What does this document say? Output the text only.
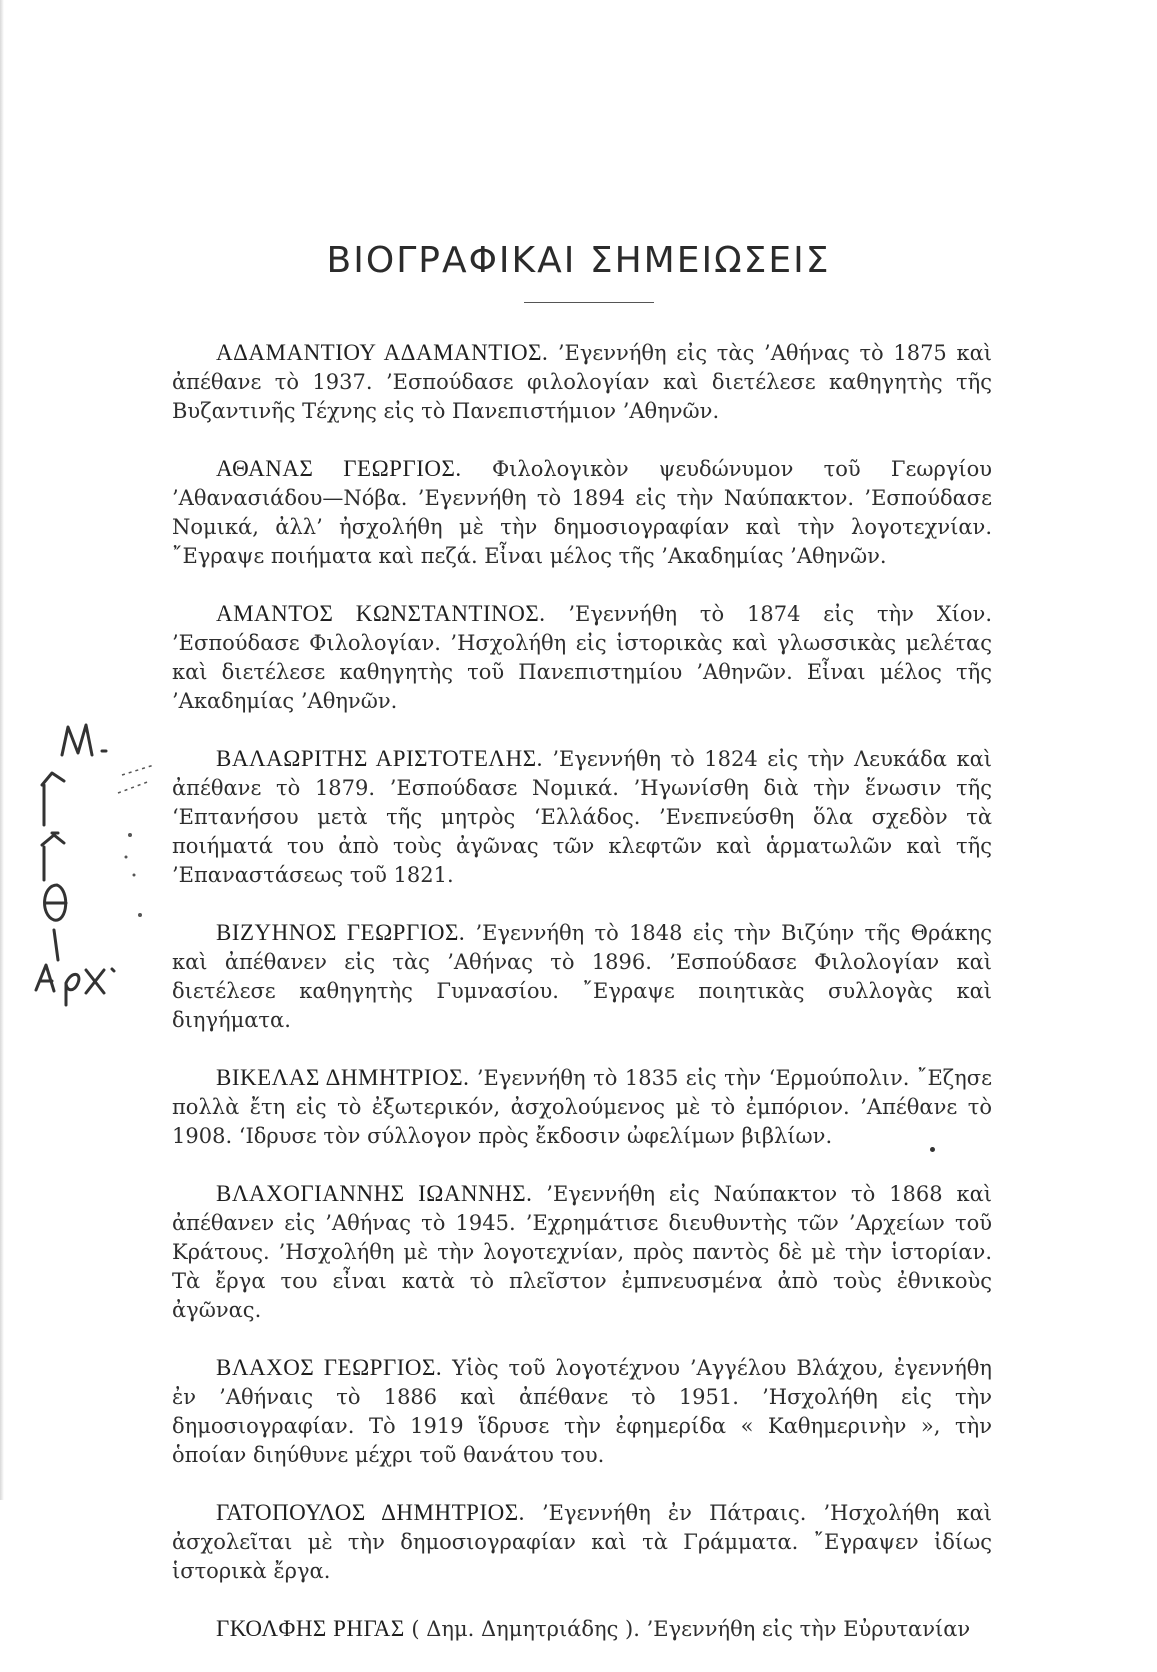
ΒΙΟΓΡΑΦΙΚΑΙ ΣΗΜΕΙΩΣΕΙΣ

ΑΔΑΜΑΝΤΙΟΥ ΑΔΑΜΑΝΤΙΟΣ. ’Εγεννήθη εἰς τὰς ’Αθήνας τὸ 1875 καὶ ἀπέθανε τὸ 1937. ’Εσπούδασε φιλολογίαν καὶ διετέλεσε καθηγητὴς τῆς Βυζαντινῆς Τέχνης εἰς τὸ Πανεπιστήμιον ’Αθηνῶν.

ΑΘΑΝΑΣ ΓΕΩΡΓΙΟΣ. Φιλολογικὸν ψευδώνυμον τοῦ Γεωργίου ’Αθανασιάδου—Νόβα. ’Εγεννήθη τὸ 1894 εἰς τὴν Ναύπακτον. ’Εσπούδασε Νομικά, ἀλλ’ ἠσχολήθη μὲ τὴν δημοσιογραφίαν καὶ τὴν λογοτεχνίαν. ῎Εγραψε ποιήματα καὶ πεζά. Εἶναι μέλος τῆς ’Ακαδημίας ’Αθηνῶν.

ΑΜΑΝΤΟΣ ΚΩΝΣΤΑΝΤΙΝΟΣ. ’Εγεννήθη τὸ 1874 εἰς τὴν Χίον. ’Εσπούδασε Φιλολογίαν. ’Ησχολήθη εἰς ἱστορικὰς καὶ γλωσσικὰς μελέτας καὶ διετέλεσε καθηγητὴς τοῦ Πανεπιστημίου ’Αθηνῶν. Εἶναι μέλος τῆς ’Ακαδημίας ’Αθηνῶν.

ΒΑΛΑΩΡΙΤΗΣ ΑΡΙΣΤΟΤΕΛΗΣ. ’Εγεννήθη τὸ 1824 εἰς τὴν Λευκάδα καὶ ἀπέθανε τὸ 1879. ’Εσπούδασε Νομικά. ’Ηγωνίσθη διὰ τὴν ἕνωσιν τῆς ‘Επτανήσου μετὰ τῆς μητρὸς ‘Ελλάδος. ’Ενεπνεύσθη ὅλα σχεδὸν τὰ ποιήματά του ἀπὸ τοὺς ἀγῶνας τῶν κλεφτῶν καὶ ἁρματωλῶν καὶ τῆς ’Επαναστάσεως τοῦ 1821.

ΒΙΖΥΗΝΟΣ ΓΕΩΡΓΙΟΣ. ’Εγεννήθη τὸ 1848 εἰς τὴν Βιζύην τῆς Θράκης καὶ ἀπέθανεν εἰς τὰς ’Αθήνας τὸ 1896. ’Εσπούδασε Φιλολογίαν καὶ διετέλεσε καθηγητὴς Γυμνασίου. ῎Εγραψε ποιητικὰς συλλογὰς καὶ διηγήματα.

ΒΙΚΕΛΑΣ ΔΗΜΗΤΡΙΟΣ. ’Εγεννήθη τὸ 1835 εἰς τὴν ‘Ερμούπολιν. ῎Εζησε πολλὰ ἔτη εἰς τὸ ἐξωτερικόν, ἀσχολούμενος μὲ τὸ ἐμπόριον. ’Απέθανε τὸ 1908. ‘Ιδρυσε τὸν σύλλογον πρὸς ἔκδοσιν ὠφελίμων βιβλίων.

ΒΛΑΧΟΓΙΑΝΝΗΣ ΙΩΑΝΝΗΣ. ’Εγεννήθη εἰς Ναύπακτον τὸ 1868 καὶ ἀπέθανεν εἰς ’Αθήνας τὸ 1945. ’Εχρημάτισε διευθυντὴς τῶν ’Αρχείων τοῦ Κράτους. ’Ησχολήθη μὲ τὴν λογοτεχνίαν, πρὸς παντὸς δὲ μὲ τὴν ἱστορίαν. Τὰ ἔργα του εἶναι κατὰ τὸ πλεῖστον ἐμπνευσμένα ἀπὸ τοὺς ἐθνικοὺς ἀγῶνας.

ΒΛΑΧΟΣ ΓΕΩΡΓΙΟΣ. Υἱὸς τοῦ λογοτέχνου ’Αγγέλου Βλάχου, ἐγεννήθη ἐν ’Αθήναις τὸ 1886 καὶ ἀπέθανε τὸ 1951. ’Ησχολήθη εἰς τὴν δημοσιογραφίαν. Τὸ 1919 ἵδρυσε τὴν ἐφημερίδα « Καθημερινὴν », τὴν ὁποίαν διηύθυνε μέχρι τοῦ θανάτου του.

ΓΑΤΟΠΟΥΛΟΣ ΔΗΜΗΤΡΙΟΣ. ’Εγεννήθη ἐν Πάτραις. ’Ησχολήθη καὶ ἀσχολεῖται μὲ τὴν δημοσιογραφίαν καὶ τὰ Γράμματα. ῎Εγραψεν ἰδίως ἱστορικὰ ἔργα.

ΓΚΟΛΦΗΣ ΡΗΓΑΣ ( Δημ. Δημητριάδης ). ’Εγεννήθη εἰς τὴν Εὐρυτανίαν
